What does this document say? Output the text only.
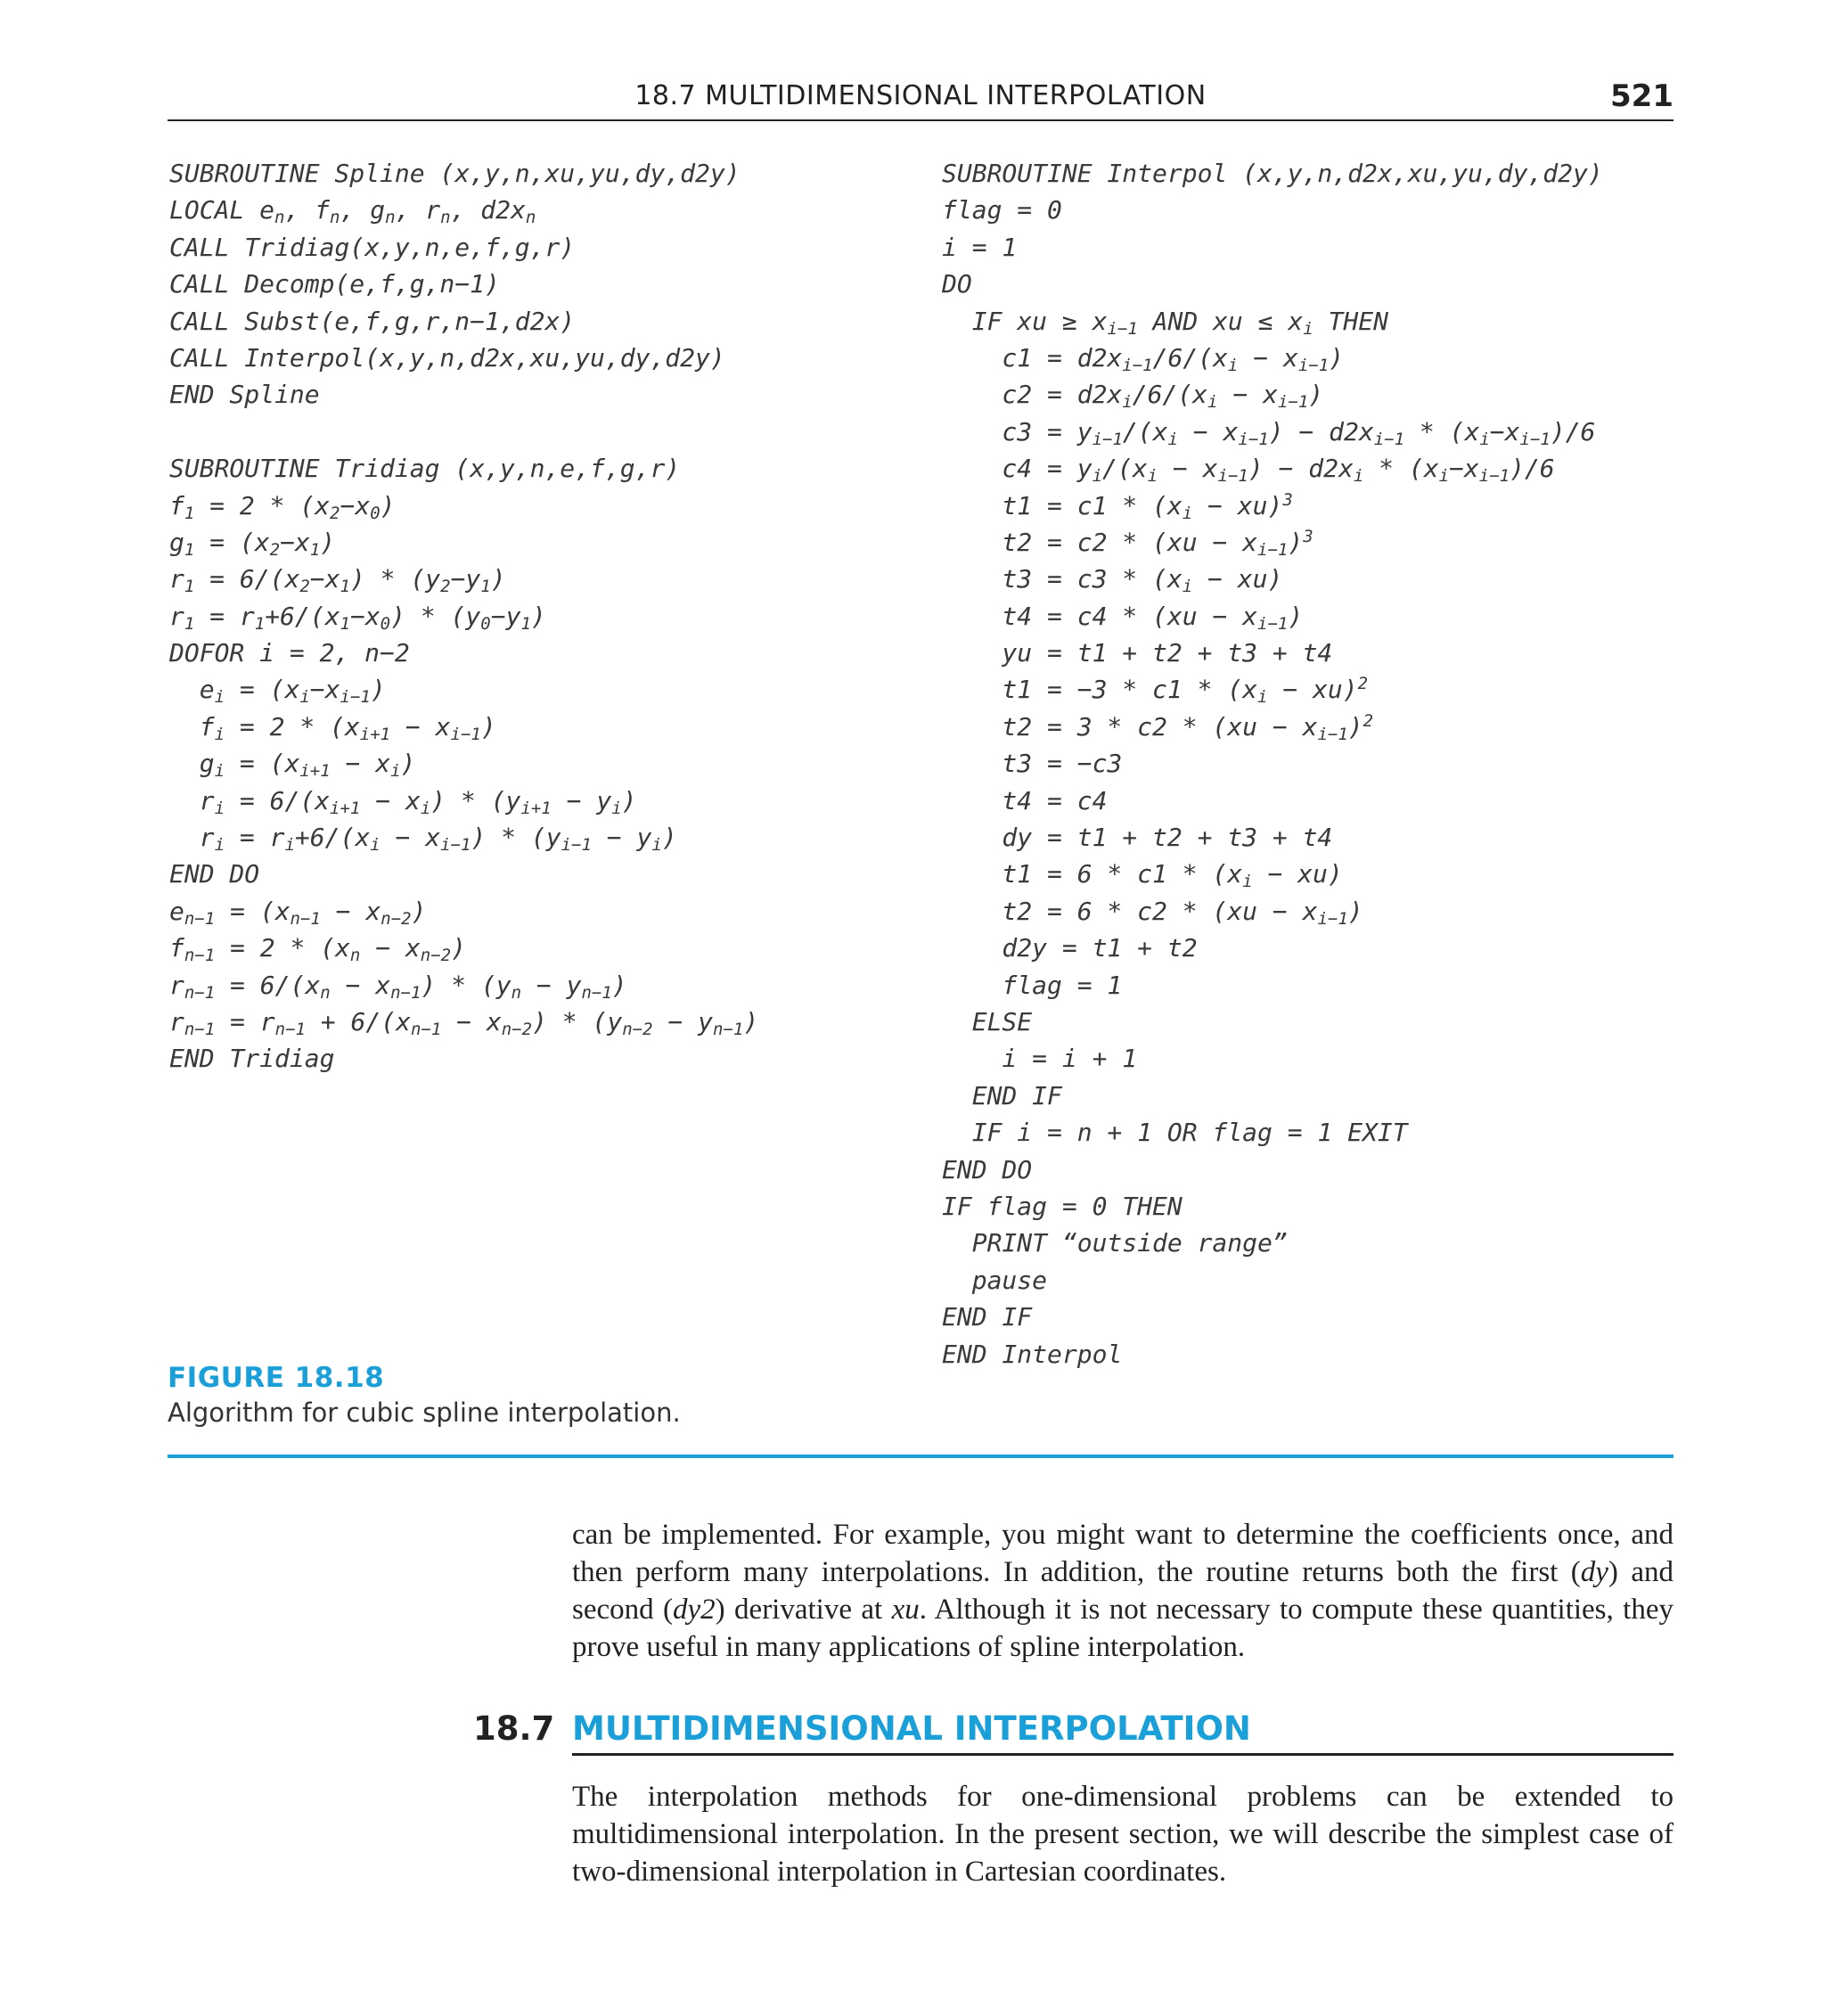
18.7 MULTIDIMENSIONAL INTERPOLATION	521
SUBROUTINE Spline (x,y,n,xu,yu,dy,d2y)
LOCAL $e_n$, $f_n$, $g_n$, $r_n$, $d2x_n$
CALL Tridiag(x,y,n,e,f,g,r)
CALL Decomp(e,f,g,n−1)
CALL Subst(e,f,g,r,n−1,d2x)
CALL Interpol(x,y,n,d2x,xu,yu,dy,d2y)
END Spline

SUBROUTINE Tridiag (x,y,n,e,f,g,r)
$f_1 = 2 * (x_2-x_0)$
$g_1 = (x_2-x_1)$
$r_1 = 6/(x_2-x_1) * (y_2-y_1)$
$r_1 = r_1+6/(x_1-x_0) * (y_0-y_1)$
DOFOR i = 2, n−2
$e_i = (x_i-x_{i-1})$
$f_i = 2 * (x_{i+1} - x_{i-1})$
$g_i = (x_{i+1} - x_i)$
$r_i = 6/(x_{i+1} - x_i) * (y_{i+1} - y_i)$
$r_i = r_i+6/(x_i - x_{i-1}) * (y_{i-1} - y_i)$
END DO
$e_{n-1} = (x_{n-1} - x_{n-2})$
$f_{n-1} = 2 * (x_n - x_{n-2})$
$r_{n-1} = 6/(x_n - x_{n-1}) * (y_n - y_{n-1})$
$r_{n-1} = r_{n-1} + 6/(x_{n-1} - x_{n-2}) * (y_{n-2} - y_{n-1})$
END Tridiag
SUBROUTINE Interpol (x,y,n,d2x,xu,yu,dy,d2y)
flag = 0
i = 1
DO
IF xu ≥ $x_{i-1}$ AND xu ≤ $x_i$ THEN
$c1 = d2x_{i-1}/6/(x_i - x_{i-1})$
$c2 = d2x_i/6/(x_i - x_{i-1})$
$c3 = y_{i-1}/(x_i - x_{i-1}) - d2x_{i-1} * (x_i-x_{i-1})/6$
$c4 = y_i/(x_i - x_{i-1}) - d2x_i * (x_i-x_{i-1})/6$
$t1 = c1 * (x_i - xu)^3$
$t2 = c2 * (xu - x_{i-1})^3$
$t3 = c3 * (x_i - xu)$
$t4 = c4 * (xu - x_{i-1})$
yu = t1 + t2 + t3 + t4
$t1 = -3 * c1 * (x_i - xu)^2$
$t2 = 3 * c2 * (xu - x_{i-1})^2$
t3 = −c3
t4 = c4
dy = t1 + t2 + t3 + t4
$t1 = 6 * c1 * (x_i - xu)$
$t2 = 6 * c2 * (xu - x_{i-1})$
d2y = t1 + t2
flag = 1
ELSE
i = i + 1
END IF
IF i = n + 1 OR flag = 1 EXIT
END DO
IF flag = 0 THEN
PRINT “outside range”
pause
END IF
END Interpol
FIGURE 18.18
Algorithm for cubic spline interpolation.
can be implemented. For example, you might want to determine the coefficients once, and then perform many interpolations. In addition, the routine returns both the first (dy) and second (dy2) derivative at xu. Although it is not necessary to compute these quantities, they prove useful in many applications of spline interpolation.
18.7 MULTIDIMENSIONAL INTERPOLATION
The interpolation methods for one-dimensional problems can be extended to multidimensional interpolation. In the present section, we will describe the simplest case of two-dimensional interpolation in Cartesian coordinates.
